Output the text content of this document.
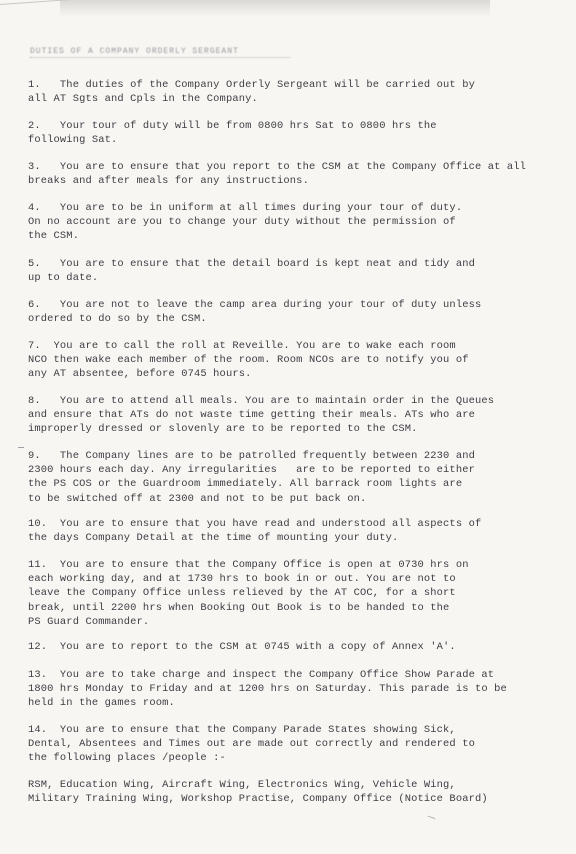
DUTIES OF A COMPANY ORDERLY SERGEANT

1.   The duties of the Company Orderly Sergeant will be carried out by
all AT Sgts and Cpls in the Company.

2.   Your tour of duty will be from 0800 hrs Sat to 0800 hrs the
following Sat.

3.   You are to ensure that you report to the CSM at the Company Office at all
breaks and after meals for any instructions.

4.   You are to be in uniform at all times during your tour of duty.
On no account are you to change your duty without the permission of
the CSM.

5.   You are to ensure that the detail board is kept neat and tidy and
up to date.

6.   You are not to leave the camp area during your tour of duty unless
ordered to do so by the CSM.

7.  You are to call the roll at Reveille. You are to wake each room
NCO then wake each member of the room. Room NCOs are to notify you of
any AT absentee, before 0745 hours.

8.   You are to attend all meals. You are to maintain order in the Queues
and ensure that ATs do not waste time getting their meals. ATs who are
improperly dressed or slovenly are to be reported to the CSM.

9.   The Company lines are to be patrolled frequently between 2230 and
2300 hours each day. Any irregularities   are to be reported to either
the PS COS or the Guardroom immediately. All barrack room lights are
to be switched off at 2300 and not to be put back on.

10.  You are to ensure that you have read and understood all aspects of
the days Company Detail at the time of mounting your duty.

11.  You are to ensure that the Company Office is open at 0730 hrs on
each working day, and at 1730 hrs to book in or out. You are not to
leave the Company Office unless relieved by the AT COC, for a short
break, until 2200 hrs when Booking Out Book is to be handed to the
PS Guard Commander.

12.  You are to report to the CSM at 0745 with a copy of Annex 'A'.

13.  You are to take charge and inspect the Company Office Show Parade at
1800 hrs Monday to Friday and at 1200 hrs on Saturday. This parade is to be
held in the games room.

14.  You are to ensure that the Company Parade States showing Sick,
Dental, Absentees and Times out are made out correctly and rendered to
the following places /people :-

RSM, Education Wing, Aircraft Wing, Electronics Wing, Vehicle Wing,
Military Training Wing, Workshop Practise, Company Office (Notice Board)
